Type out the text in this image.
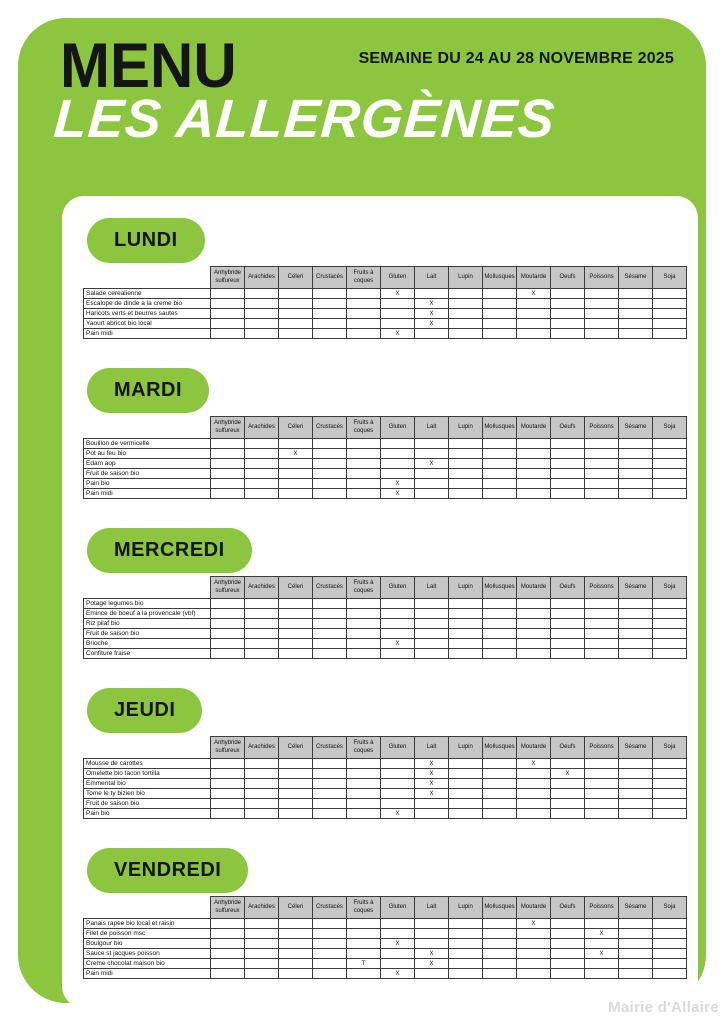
MENU	SEMAINE DU 24 AU 28 NOVEMBRE 2025
LES ALLERGÈNES
LUNDI
	Anhybride sulfureux	Arachides	Céleri	Crustacés	Fruits à coques	Gluten	Lait	Lupin	Mollusques	Moutarde	Oeufs	Poissons	Sésame	Soja
Salade cerealienne						X				X				
Escalope de dinde a la creme bio							X							
Haricots verts et beurres sautes							X							
Yaourt abricot bio local							X							
Pain midi						X								
MARDI
	Anhybride sulfureux	Arachides	Céleri	Crustacés	Fruits à coques	Gluten	Lait	Lupin	Mollusques	Moutarde	Oeufs	Poissons	Sésame	Soja
Bouillon de vermicelle														
Pot au feu bio			X											
Edam aop							X							
Fruit de saison bio														
Pain bio						X								
Pain midi						X								
MERCREDI
	Anhybride sulfureux	Arachides	Céleri	Crustacés	Fruits à coques	Gluten	Lait	Lupin	Mollusques	Moutarde	Oeufs	Poissons	Sésame	Soja
Potage legumes bio														
Emince de boeuf a la provencale (vbf)														
Riz pilaf bio														
Fruit de saison bio														
Brioche						X								
Confiture fraise														
JEUDI
	Anhybride sulfureux	Arachides	Céleri	Crustacés	Fruits à coques	Gluten	Lait	Lupin	Mollusques	Moutarde	Oeufs	Poissons	Sésame	Soja
Mousse de carottes							X			X				
Omelette bio facon tortilla							X				X			
Emmental bio							X							
Tome le ty bizien bio							X							
Fruit de saison bio														
Pain bio						X								
VENDREDI
	Anhybride sulfureux	Arachides	Céleri	Crustacés	Fruits à coques	Gluten	Lait	Lupin	Mollusques	Moutarde	Oeufs	Poissons	Sésame	Soja
Panais rapee bio local et raisin										X				
Filet de poisson msc												X		
Boulgour bio						X								
Sauce st jacques poisson							X					X		
Creme chocolat maison bio					T		X							
Pain midi						X								
Mairie d'Allaire
